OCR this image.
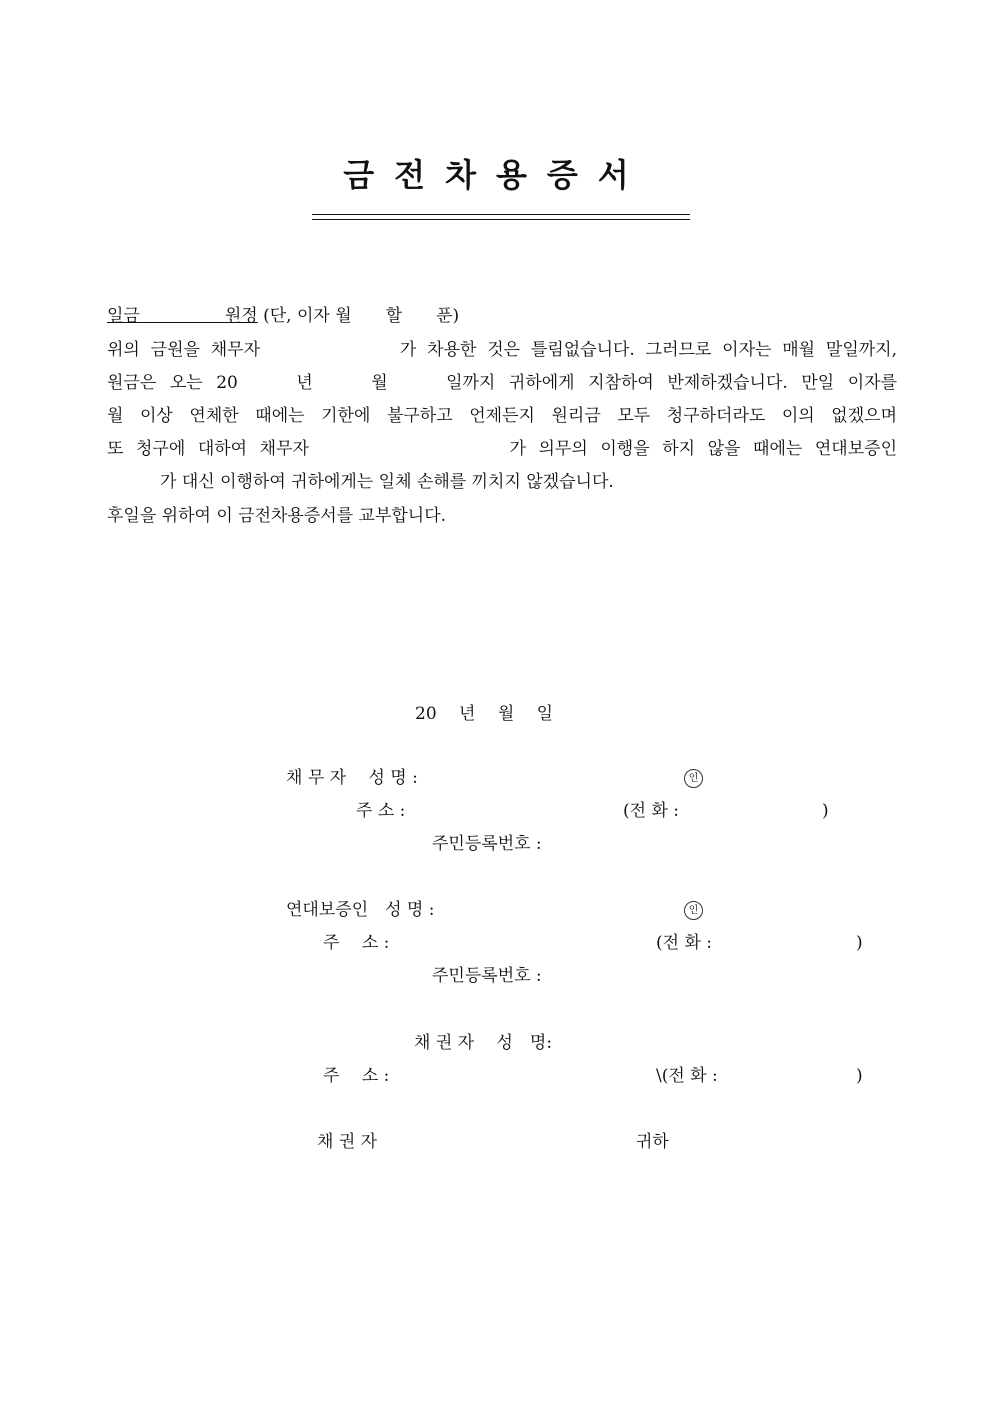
금전차용증서
일금　　　　　	원정 (단, 이자 월　　할　　푼)
위의 금원을 채무자　　　　　　가 차용한 것은 틀림없습니다. 그러므로 이자는 매월 말일까지,
원금은 오는 20　　년　　월　　일까지 귀하에게 지참하여 반제하겠습니다. 만일 이자를
월 이상 연체한 때에는 기한에 불구하고 언제든지 원리금 모두 청구하더라도 이의 없겠으며
또 청구에 대하여 채무자　　　　　　　　가 의무의 이행을 하지 않을 때에는 연대보증인
가 대신 이행하여 귀하에게는 일체 손해를 끼치지 않겠습니다.
후일을 위하여 이 금전차용증서를 교부합니다.
20　 년　 월　 일
채 무 자　 성 명 :	인
주 소 :	(전 화 :	)
주민등록번호 :
연대보증인　성 명 :	인
주　 소 :	(전 화 :	)
주민등록번호 :
채 권 자　 성　명:
주　 소 :	\(전 화 :	)
채 권 자	귀하
